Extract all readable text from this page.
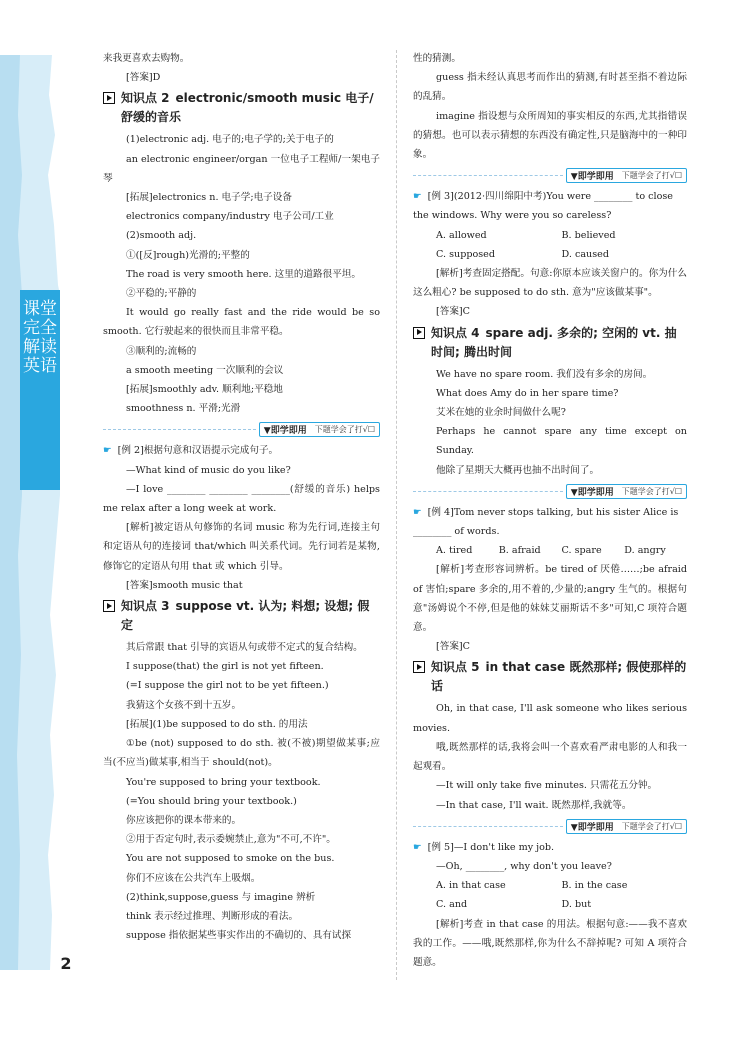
课堂完全解读 英语
2

来我更喜欢去购物。

[答案]D

知识点 2 electronic/smooth music 电子/舒缓的音乐

(1)electronic adj. 电子的;电子学的;关于电子的

an electronic engineer/organ 一位电子工程师/一架电子琴

[拓展]electronics n. 电子学;电子设备

electronics company/industry 电子公司/工业

(2)smooth adj.

①([反]rough)光滑的;平整的

The road is very smooth here. 这里的道路很平坦。

②平稳的;平静的

It would go really fast and the ride would be so smooth. 它行驶起来的很快而且非常平稳。

③顺利的;流畅的

a smooth meeting 一次顺利的会议

[拓展]smoothly adv. 顺利地;平稳地

smoothness n. 平滑;光滑

▼即学即用 下题学会了打√☐

☛ [例 2]根据句意和汉语提示完成句子。

—What kind of music do you like?

—I love ________ ________ ________(舒缓的音乐) helps me relax after a long week at work.

[解析]被定语从句修饰的名词 music 称为先行词,连接主句和定语从句的连接词 that/which 叫关系代词。先行词若是某物,修饰它的定语从句用 that 或 which 引导。

[答案]smooth music that

知识点 3 suppose vt. 认为; 料想; 设想; 假定

其后常跟 that 引导的宾语从句或带不定式的复合结构。

I suppose(that) the girl is not yet fifteen.

(=I suppose the girl not to be yet fifteen.)

我猜这个女孩不到十五岁。

[拓展](1)be supposed to do sth. 的用法

①be (not) supposed to do sth. 被(不被)期望做某事;应当(不应当)做某事,相当于 should(not)。

You're supposed to bring your textbook.

(=You should bring your textbook.)

你应该把你的课本带来的。

②用于否定句时,表示委婉禁止,意为"不可,不许"。

You are not supposed to smoke on the bus.

你们不应该在公共汽车上吸烟。

(2)think,suppose,guess 与 imagine 辨析

think 表示经过推理、判断形成的看法。

suppose 指依据某些事实作出的不确切的、具有试探

性的猜测。

guess 指未经认真思考而作出的猜测,有时甚至指不着边际的乱猜。

imagine 指设想与众所周知的事实相反的东西,尤其指错误的猜想。也可以表示猜想的东西没有确定性,只是脑海中的一种印象。

▼即学即用 下题学会了打√☐

☛ [例 3](2012·四川绵阳中考)You were ________ to close the windows. Why were you so careless?

A. allowed	B. believed
C. supposed	D. caused

[解析]考查固定搭配。句意:你原本应该关窗户的。你为什么这么粗心? be supposed to do sth. 意为"应该做某事"。

[答案]C

知识点 4 spare adj. 多余的; 空闲的 vt. 抽时间; 腾出时间

We have no spare room. 我们没有多余的房间。

What does Amy do in her spare time?

艾米在她的业余时间做什么呢?

Perhaps he cannot spare any time except on Sunday.

他除了星期天大概再也抽不出时间了。

▼即学即用 下题学会了打√☐

☛ [例 4]Tom never stops talking, but his sister Alice is ________ of words.

A. tired	B. afraid	C. spare	D. angry

[解析]考查形容词辨析。be tired of 厌倦……;be afraid of 害怕;spare 多余的,用不着的,少量的;angry 生气的。根据句意"汤姆说个不停,但是他的妹妹艾丽斯话不多"可知,C 项符合题意。

[答案]C

知识点 5 in that case 既然那样; 假使那样的话

Oh, in that case, I'll ask someone who likes serious movies.

哦,既然那样的话,我将会叫一个喜欢看严肃电影的人和我一起观看。

—It will only take five minutes. 只需花五分钟。

—In that case, I'll wait. 既然那样,我就等。

▼即学即用 下题学会了打√☐

☛ [例 5]—I don't like my job.

—Oh, ________, why don't you leave?

A. in that case	B. in the case
C. and	D. but

[解析]考查 in that case 的用法。根据句意:——我不喜欢我的工作。——哦,既然那样,你为什么不辞掉呢? 可知 A 项符合题意。
